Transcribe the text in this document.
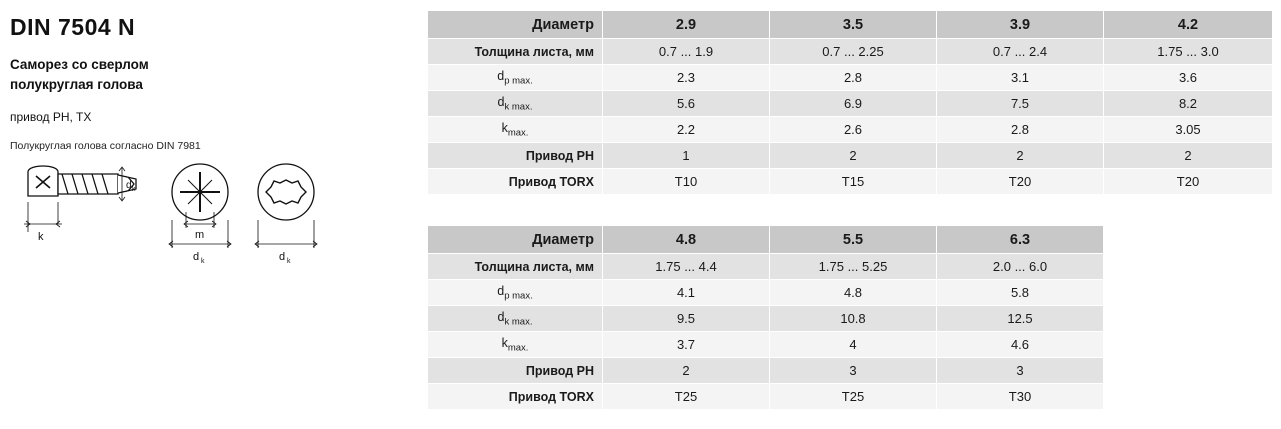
DIN 7504 N
Саморез со сверлом
полукруглая голова
привод PH, TX
Полукруглая голова согласно DIN 7981
k
d k
m
d k	d k
Диаметр	2.9	3.5	3.9	4.2
Толщина листа, мм	0.7 ... 1.9	0.7 ... 2.25	0.7 ... 2.4	1.75 ... 3.0
$d_{p max.}$	2.3	2.8	3.1	3.6
$d_{k max.}$	5.6	6.9	7.5	8.2
$k_{max.}$	2.2	2.6	2.8	3.05
Привод PH	1	2	2	2
Привод TORX	T10	T15	T20	T20
Диаметр	4.8	5.5	6.3	
Толщина листа, мм	1.75 ... 4.4	1.75 ... 5.25	2.0 ... 6.0	
$d_{p max.}$	4.1	4.8	5.8	
$d_{k max.}$	9.5	10.8	12.5	
$k_{max.}$	3.7	4	4.6	
Привод PH	2	3	3	
Привод TORX	T25	T25	T30	
